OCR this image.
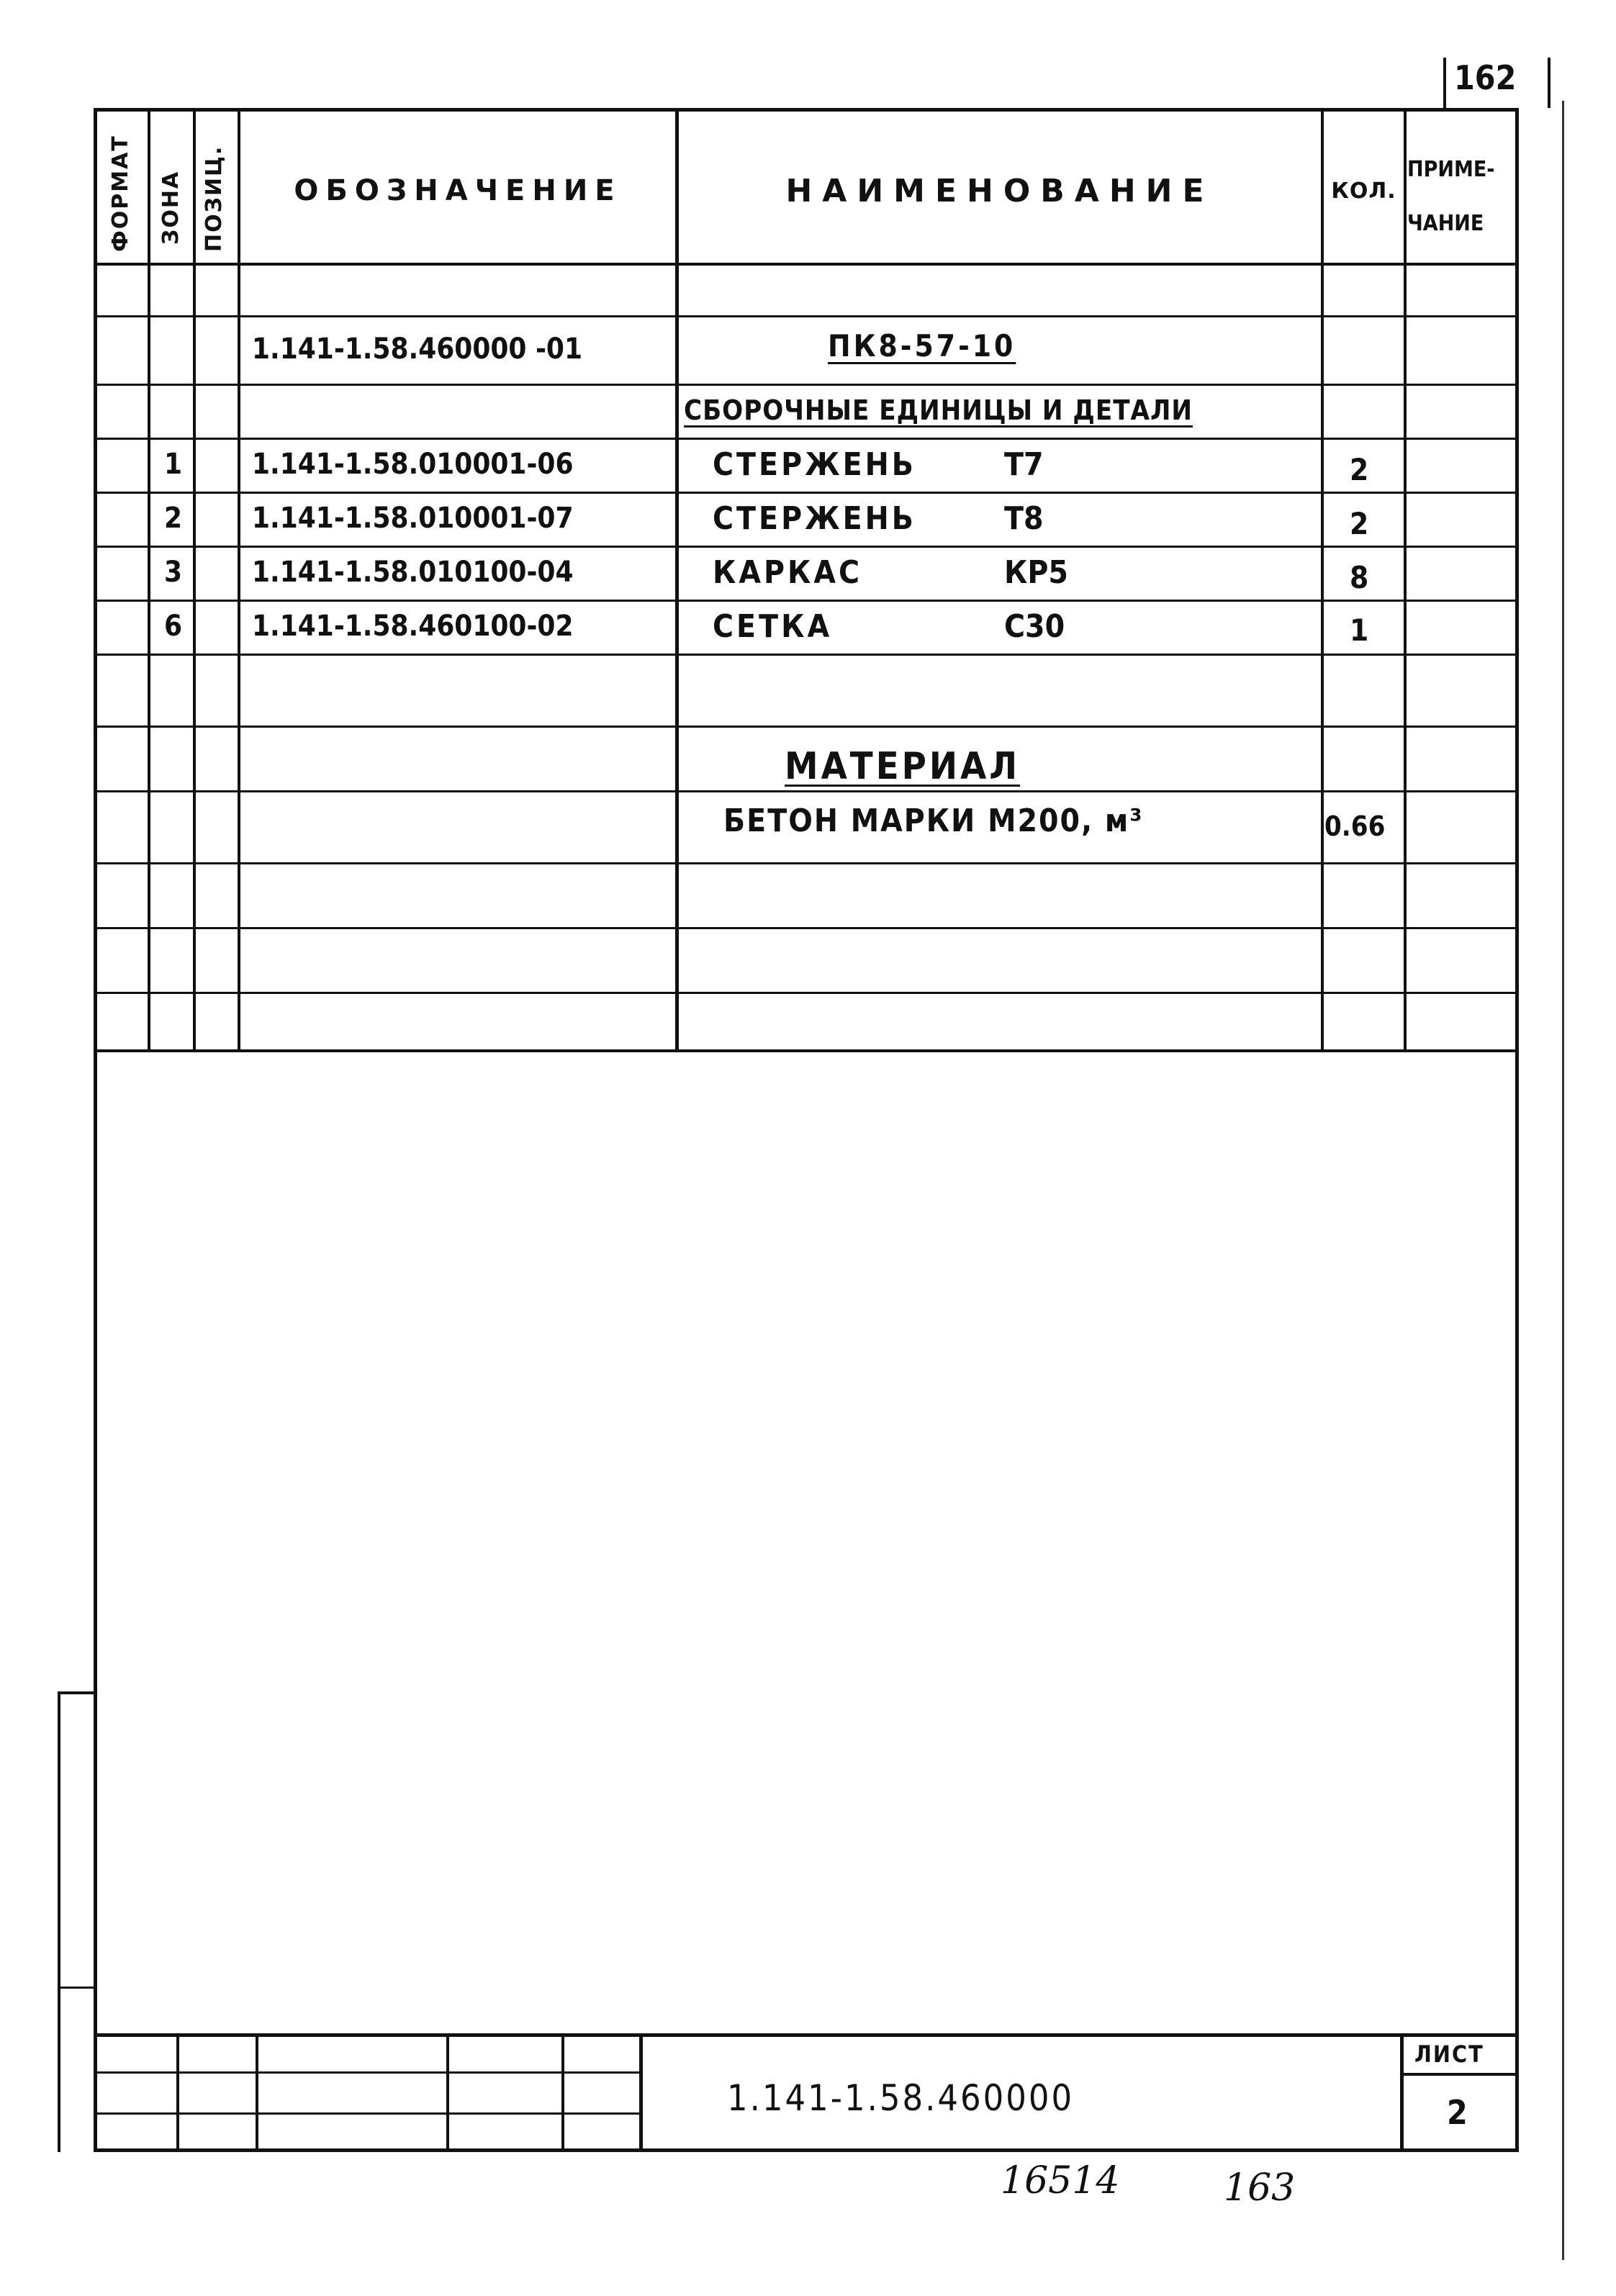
162
ФОРМАТ ЗОНА ПОЗИЦ.	ОБОЗНАЧЕНИЕ	НАИМЕНОВАНИЕ	КОЛ.
ПРИМЕ-
ЧАНИЕ
1.141-1.58.460000 -01	ПК8-57-10
СБОРОЧНЫЕ ЕДИНИЦЫ И ДЕТАЛИ
1 1.141-1.58.010001-06	СТЕРЖЕНЬ	Т7	2
2 1.141-1.58.010001-07	СТЕРЖЕНЬ	Т8	2
3 1.141-1.58.010100-04	КАРКАС	КР5	8
6 1.141-1.58.460100-02	СЕТКА	С30	1
МАТЕРИАЛ
БЕТОН МАРКИ М200, м³	0.66
1.141-1.58.460000
ЛИСТ
2
16514	163
